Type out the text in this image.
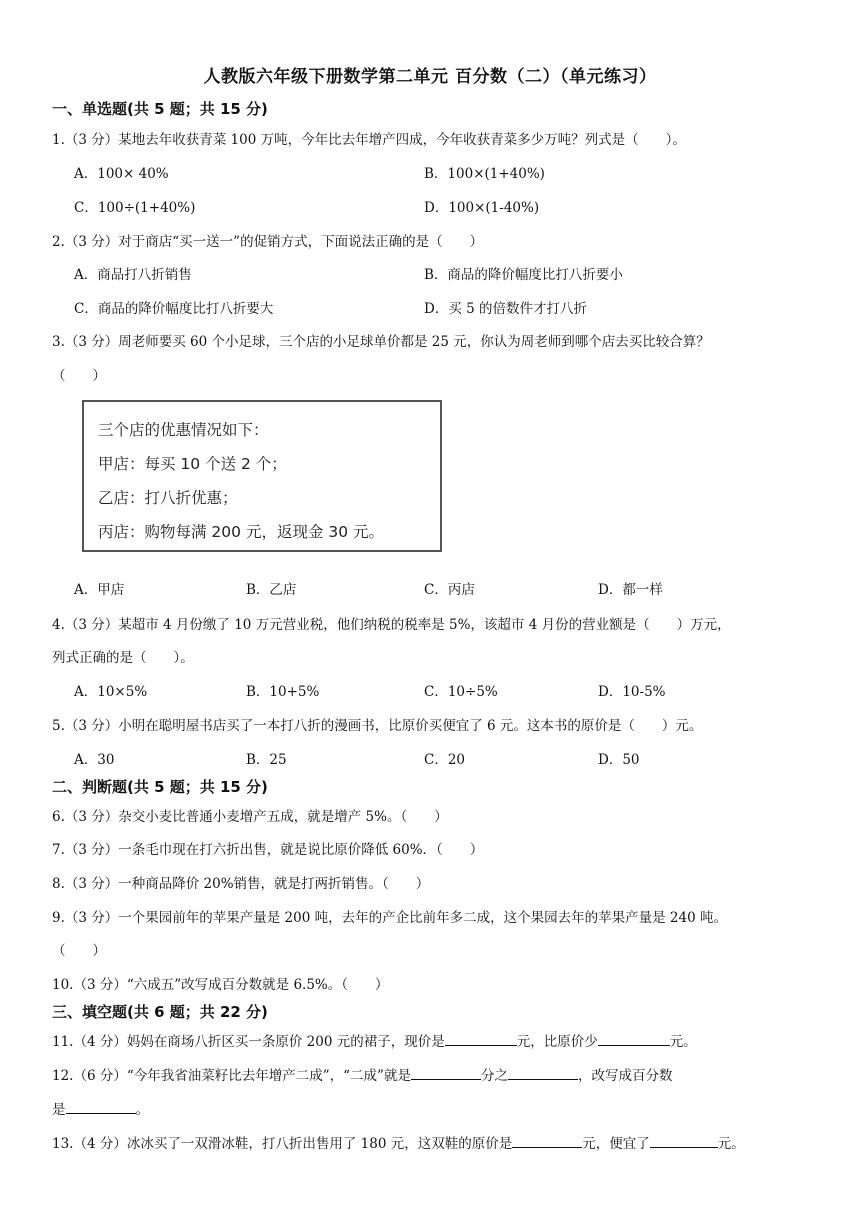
人教版六年级下册数学第二单元 百分数（二）（单元练习）
一、单选题(共 5 题；共 15 分)
1.（3 分）某地去年收获青菜 100 万吨，今年比去年增产四成，今年收获青菜多少万吨？列式是（　　）。
A．100× 40%	B．100×(1+40%)
C．100÷(1+40%)	D．100×(1-40%)
2.（3 分）对于商店“买一送一”的促销方式，下面说法正确的是（　　）
A．商品打八折销售	B．商品的降价幅度比打八折要小
C．商品的降价幅度比打八折要大	D．买 5 的倍数件才打八折
3.（3 分）周老师要买 60 个小足球，三个店的小足球单价都是 25 元，你认为周老师到哪个店去买比较合算？
（　　）
三个店的优惠情况如下：
甲店：每买 10 个送 2 个；
乙店：打八折优惠；
丙店：购物每满 200 元，返现金 30 元。
A．甲店	B．乙店	C．丙店	D．都一样
4.（3 分）某超市 4 月份缴了 10 万元营业税，他们纳税的税率是 5%，该超市 4 月份的营业额是（　　）万元，
列式正确的是（　　）。
A．10×5%	B．10+5%	C．10÷5%	D．10-5%
5.（3 分）小明在聪明屋书店买了一本打八折的漫画书，比原价买便宜了 6 元。这本书的原价是（　　）元。
A．30	B．25	C．20	D．50
二、判断题(共 5 题；共 15 分)
6.（3 分）杂交小麦比普通小麦增产五成，就是增产 5%。（　　）
7.（3 分）一条毛巾现在打六折出售，就是说比原价降低 60%．（　　）
8.（3 分）一种商品降价 20%销售，就是打两折销售。（　　）
9.（3 分）一个果园前年的苹果产量是 200 吨，去年的产企比前年多二成，这个果园去年的苹果产量是 240 吨。
（　　）
10.（3 分）“六成五”改写成百分数就是 6.5%。（　　）
三、填空题(共 6 题；共 22 分)
11.（4 分）妈妈在商场八折区买一条原价 200 元的裙子，现价是	元，比原价少	元。
12.（6 分）“今年我省油菜籽比去年增产二成”，“二成”就是	分之	，改写成百分数
是	。
13.（4 分）冰冰买了一双滑冰鞋，打八折出售用了 180 元，这双鞋的原价是	元，便宜了	元。
